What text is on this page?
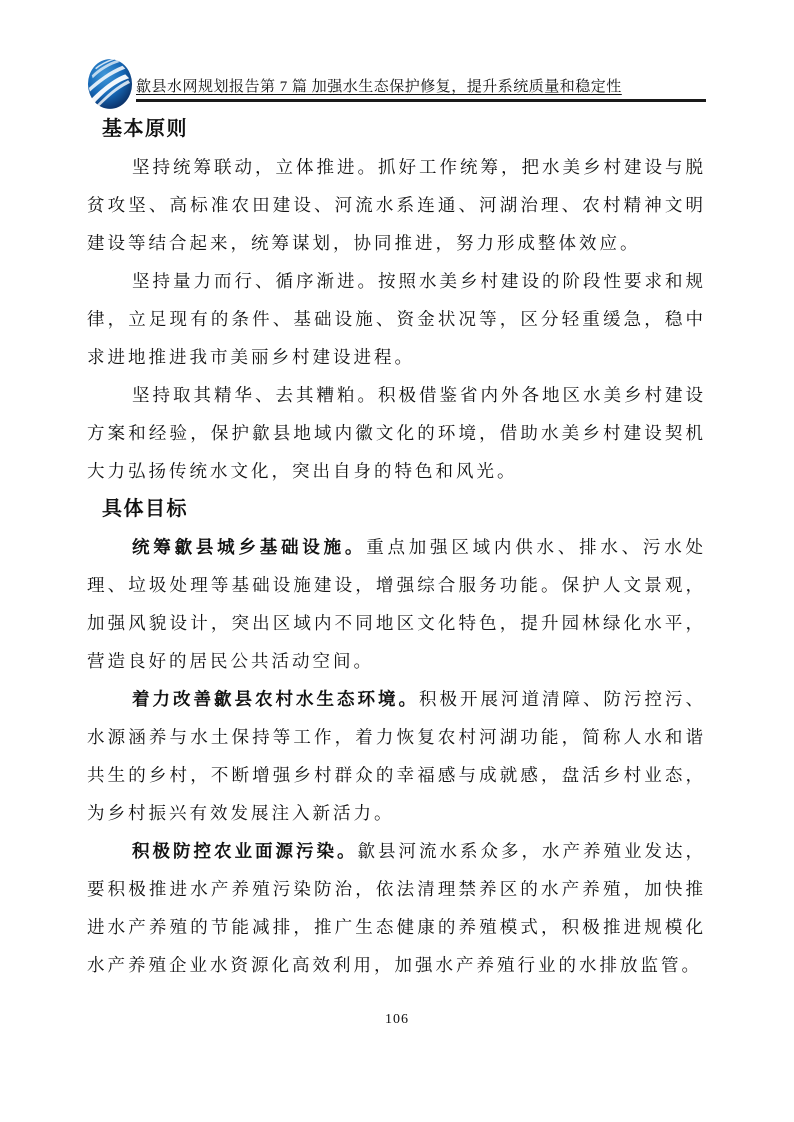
歙县水网规划报告第 7 篇 加强水生态保护修复，提升系统质量和稳定性
基本原则

坚持统筹联动，立体推进。抓好工作统筹，把水美乡村建设与脱贫攻坚、高标准农田建设、河流水系连通、河湖治理、农村精神文明建设等结合起来，统筹谋划，协同推进，努力形成整体效应。

坚持量力而行、循序渐进。按照水美乡村建设的阶段性要求和规律，立足现有的条件、基础设施、资金状况等，区分轻重缓急，稳中求进地推进我市美丽乡村建设进程。

坚持取其精华、去其糟粕。积极借鉴省内外各地区水美乡村建设方案和经验，保护歙县地域内徽文化的环境，借助水美乡村建设契机大力弘扬传统水文化，突出自身的特色和风光。

具体目标

统筹歙县城乡基础设施。重点加强区域内供水、排水、污水处理、垃圾处理等基础设施建设，增强综合服务功能。保护人文景观，加强风貌设计，突出区域内不同地区文化特色，提升园林绿化水平，营造良好的居民公共活动空间。

着力改善歙县农村水生态环境。积极开展河道清障、防污控污、水源涵养与水土保持等工作，着力恢复农村河湖功能，简称人水和谐共生的乡村，不断增强乡村群众的幸福感与成就感，盘活乡村业态，为乡村振兴有效发展注入新活力。

积极防控农业面源污染。歙县河流水系众多，水产养殖业发达，要积极推进水产养殖污染防治，依法清理禁养区的水产养殖，加快推进水产养殖的节能减排，推广生态健康的养殖模式，积极推进规模化水产养殖企业水资源化高效利用，加强水产养殖行业的水排放监管。

106
